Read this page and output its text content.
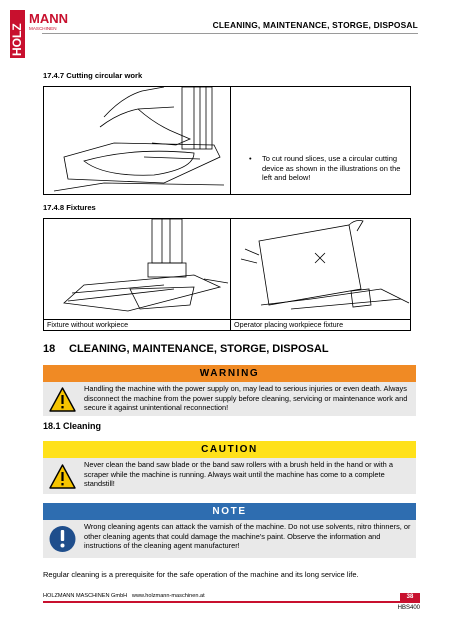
HOLZ
MANN
MASCHINEN	CLEANING, MAINTENANCE, STORGE, DISPOSAL
17.4.7 Cutting circular work
• To cut round slices, use a circular cutting device as shown in the illustrations on the left and below!
17.4.8 Fixtures
Fixture without workpiece	Operator placing workpiece fixture
18 CLEANING, MAINTENANCE, STORGE, DISPOSAL
WARNING
Handling the machine with the power supply on, may lead to serious injuries or even death. Always disconnect the machine from the power supply before cleaning, servicing or maintenance work and secure it against unintentional reconnection!
18.1 Cleaning
CAUTION
Never clean the band saw blade or the band saw rollers with a brush held in the hand or with a scraper while the machine is running. Always wait until the machine has come to a complete standstill!
NOTE
Wrong cleaning agents can attack the varnish of the machine. Do not use solvents, nitro thinners, or other cleaning agents that could damage the machine's paint. Observe the information and instructions of the cleaning agent manufacturer!
Regular cleaning is a prerequisite for the safe operation of the machine and its long service life.
HOLZMANN MASCHINEN GmbH www.holzmann-maschinen.at	38
HBS400
